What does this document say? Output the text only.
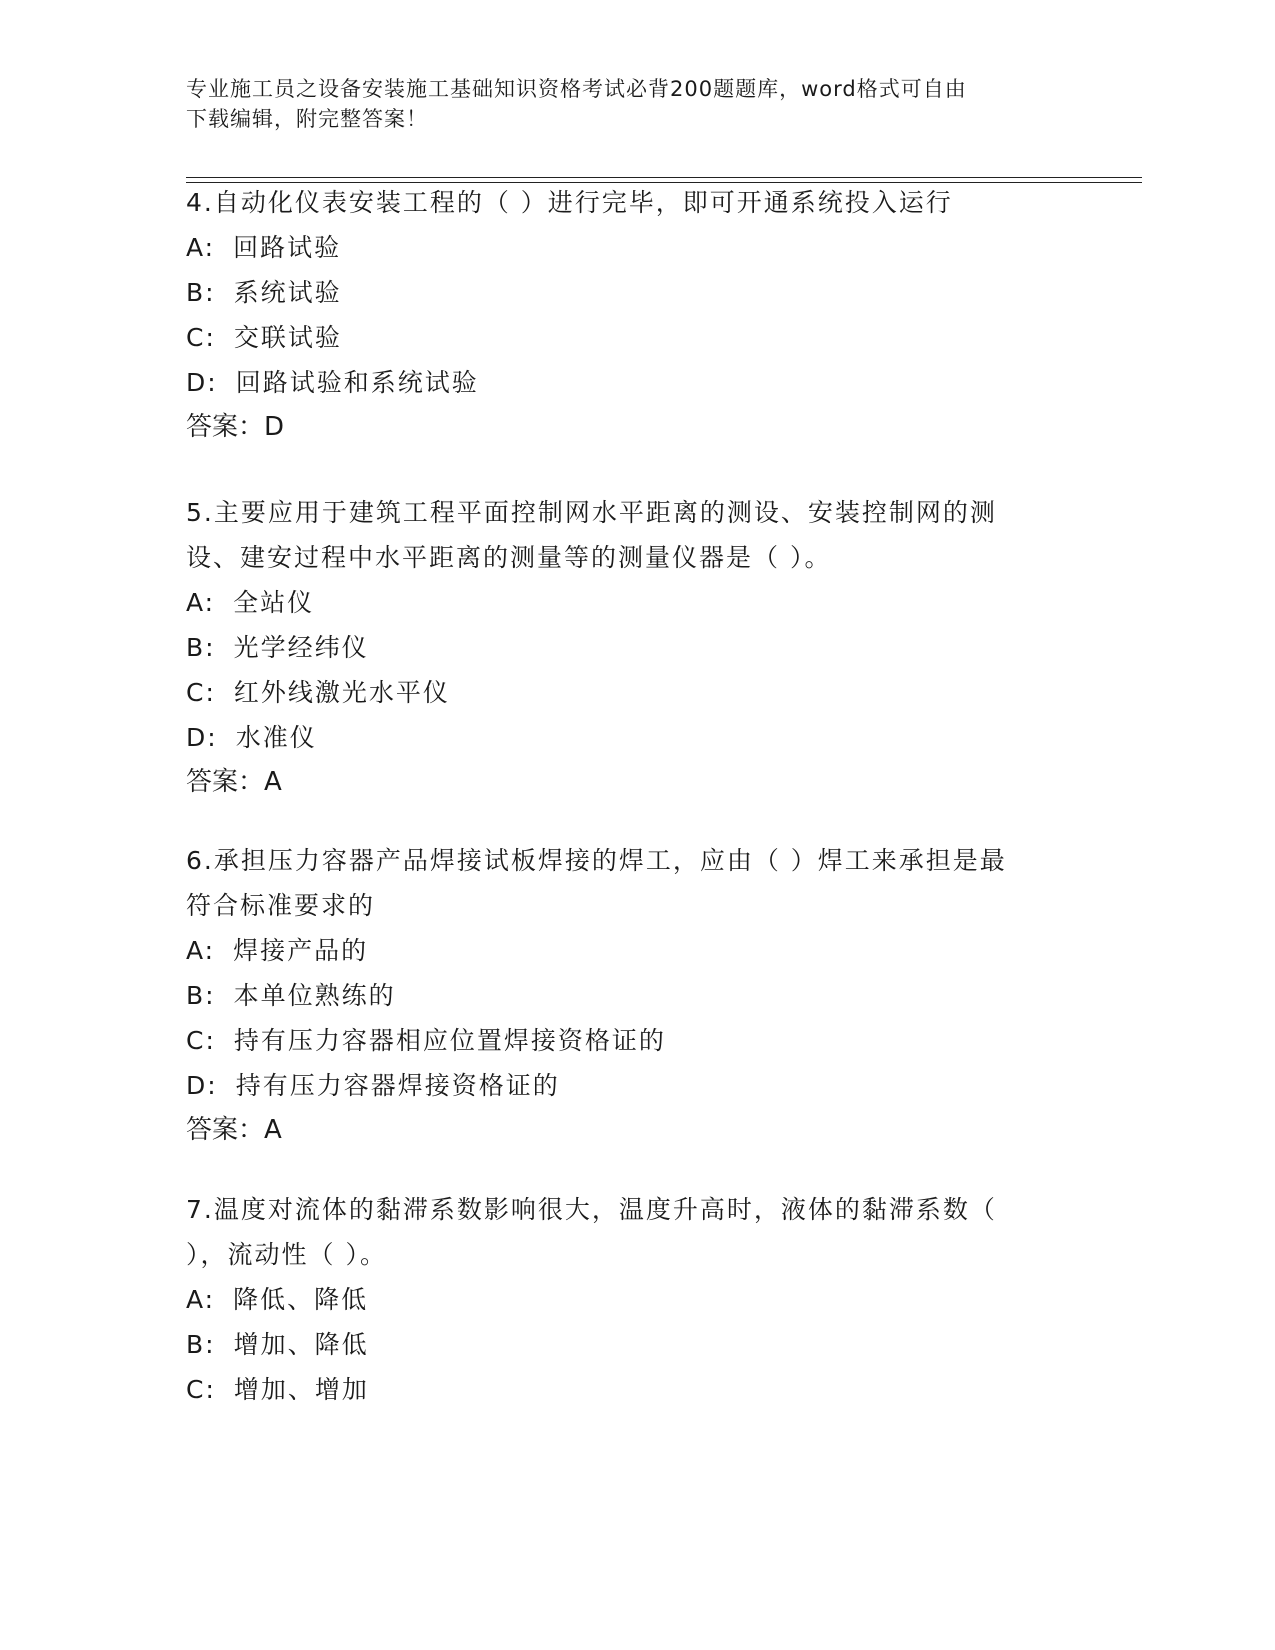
专业施工员之设备安装施工基础知识资格考试必背200题题库，word格式可自由
下载编辑，附完整答案！

4.自动化仪表安装工程的（ ）进行完毕，即可开通系统投入运行

A: 回路试验

B: 系统试验

C: 交联试验

D: 回路试验和系统试验

答案：D

5.主要应用于建筑工程平面控制网水平距离的测设、安装控制网的测

设、建安过程中水平距离的测量等的测量仪器是（ ）。

A: 全站仪

B: 光学经纬仪

C: 红外线激光水平仪

D: 水准仪

答案：A

6.承担压力容器产品焊接试板焊接的焊工，应由（ ）焊工来承担是最

符合标准要求的

A: 焊接产品的

B: 本单位熟练的

C: 持有压力容器相应位置焊接资格证的

D: 持有压力容器焊接资格证的

答案：A

7.温度对流体的黏滞系数影响很大，温度升高时，液体的黏滞系数（

），流动性（ ）。

A: 降低、降低

B: 增加、降低

C: 增加、增加
